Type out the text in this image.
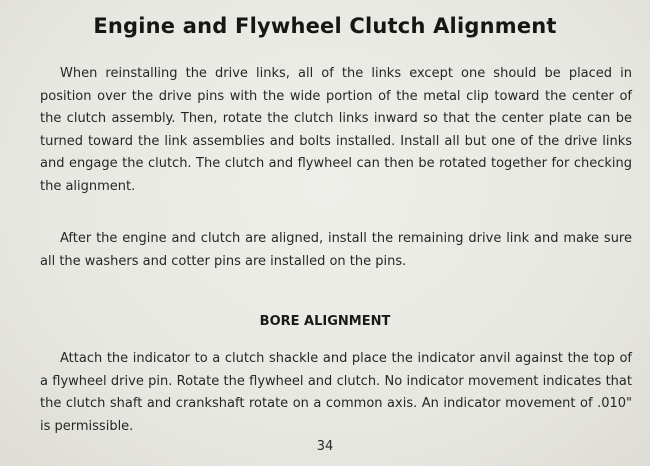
Engine and Flywheel Clutch Alignment

When reinstalling the drive links, all of the links except one should be placed in position over the drive pins with the wide portion of the metal clip toward the center of the clutch assembly. Then, rotate the clutch links inward so that the center plate can be turned toward the link assemblies and bolts installed. Install all but one of the drive links and engage the clutch. The clutch and flywheel can then be rotated together for checking the alignment.

After the engine and clutch are aligned, install the remaining drive link and make sure all the washers and cotter pins are installed on the pins.

BORE ALIGNMENT

Attach the indicator to a clutch shackle and place the indicator anvil against the top of a flywheel drive pin. Rotate the flywheel and clutch. No indicator movement indicates that the clutch shaft and crankshaft rotate on a common axis. An indicator movement of .010" is permissible.

34
